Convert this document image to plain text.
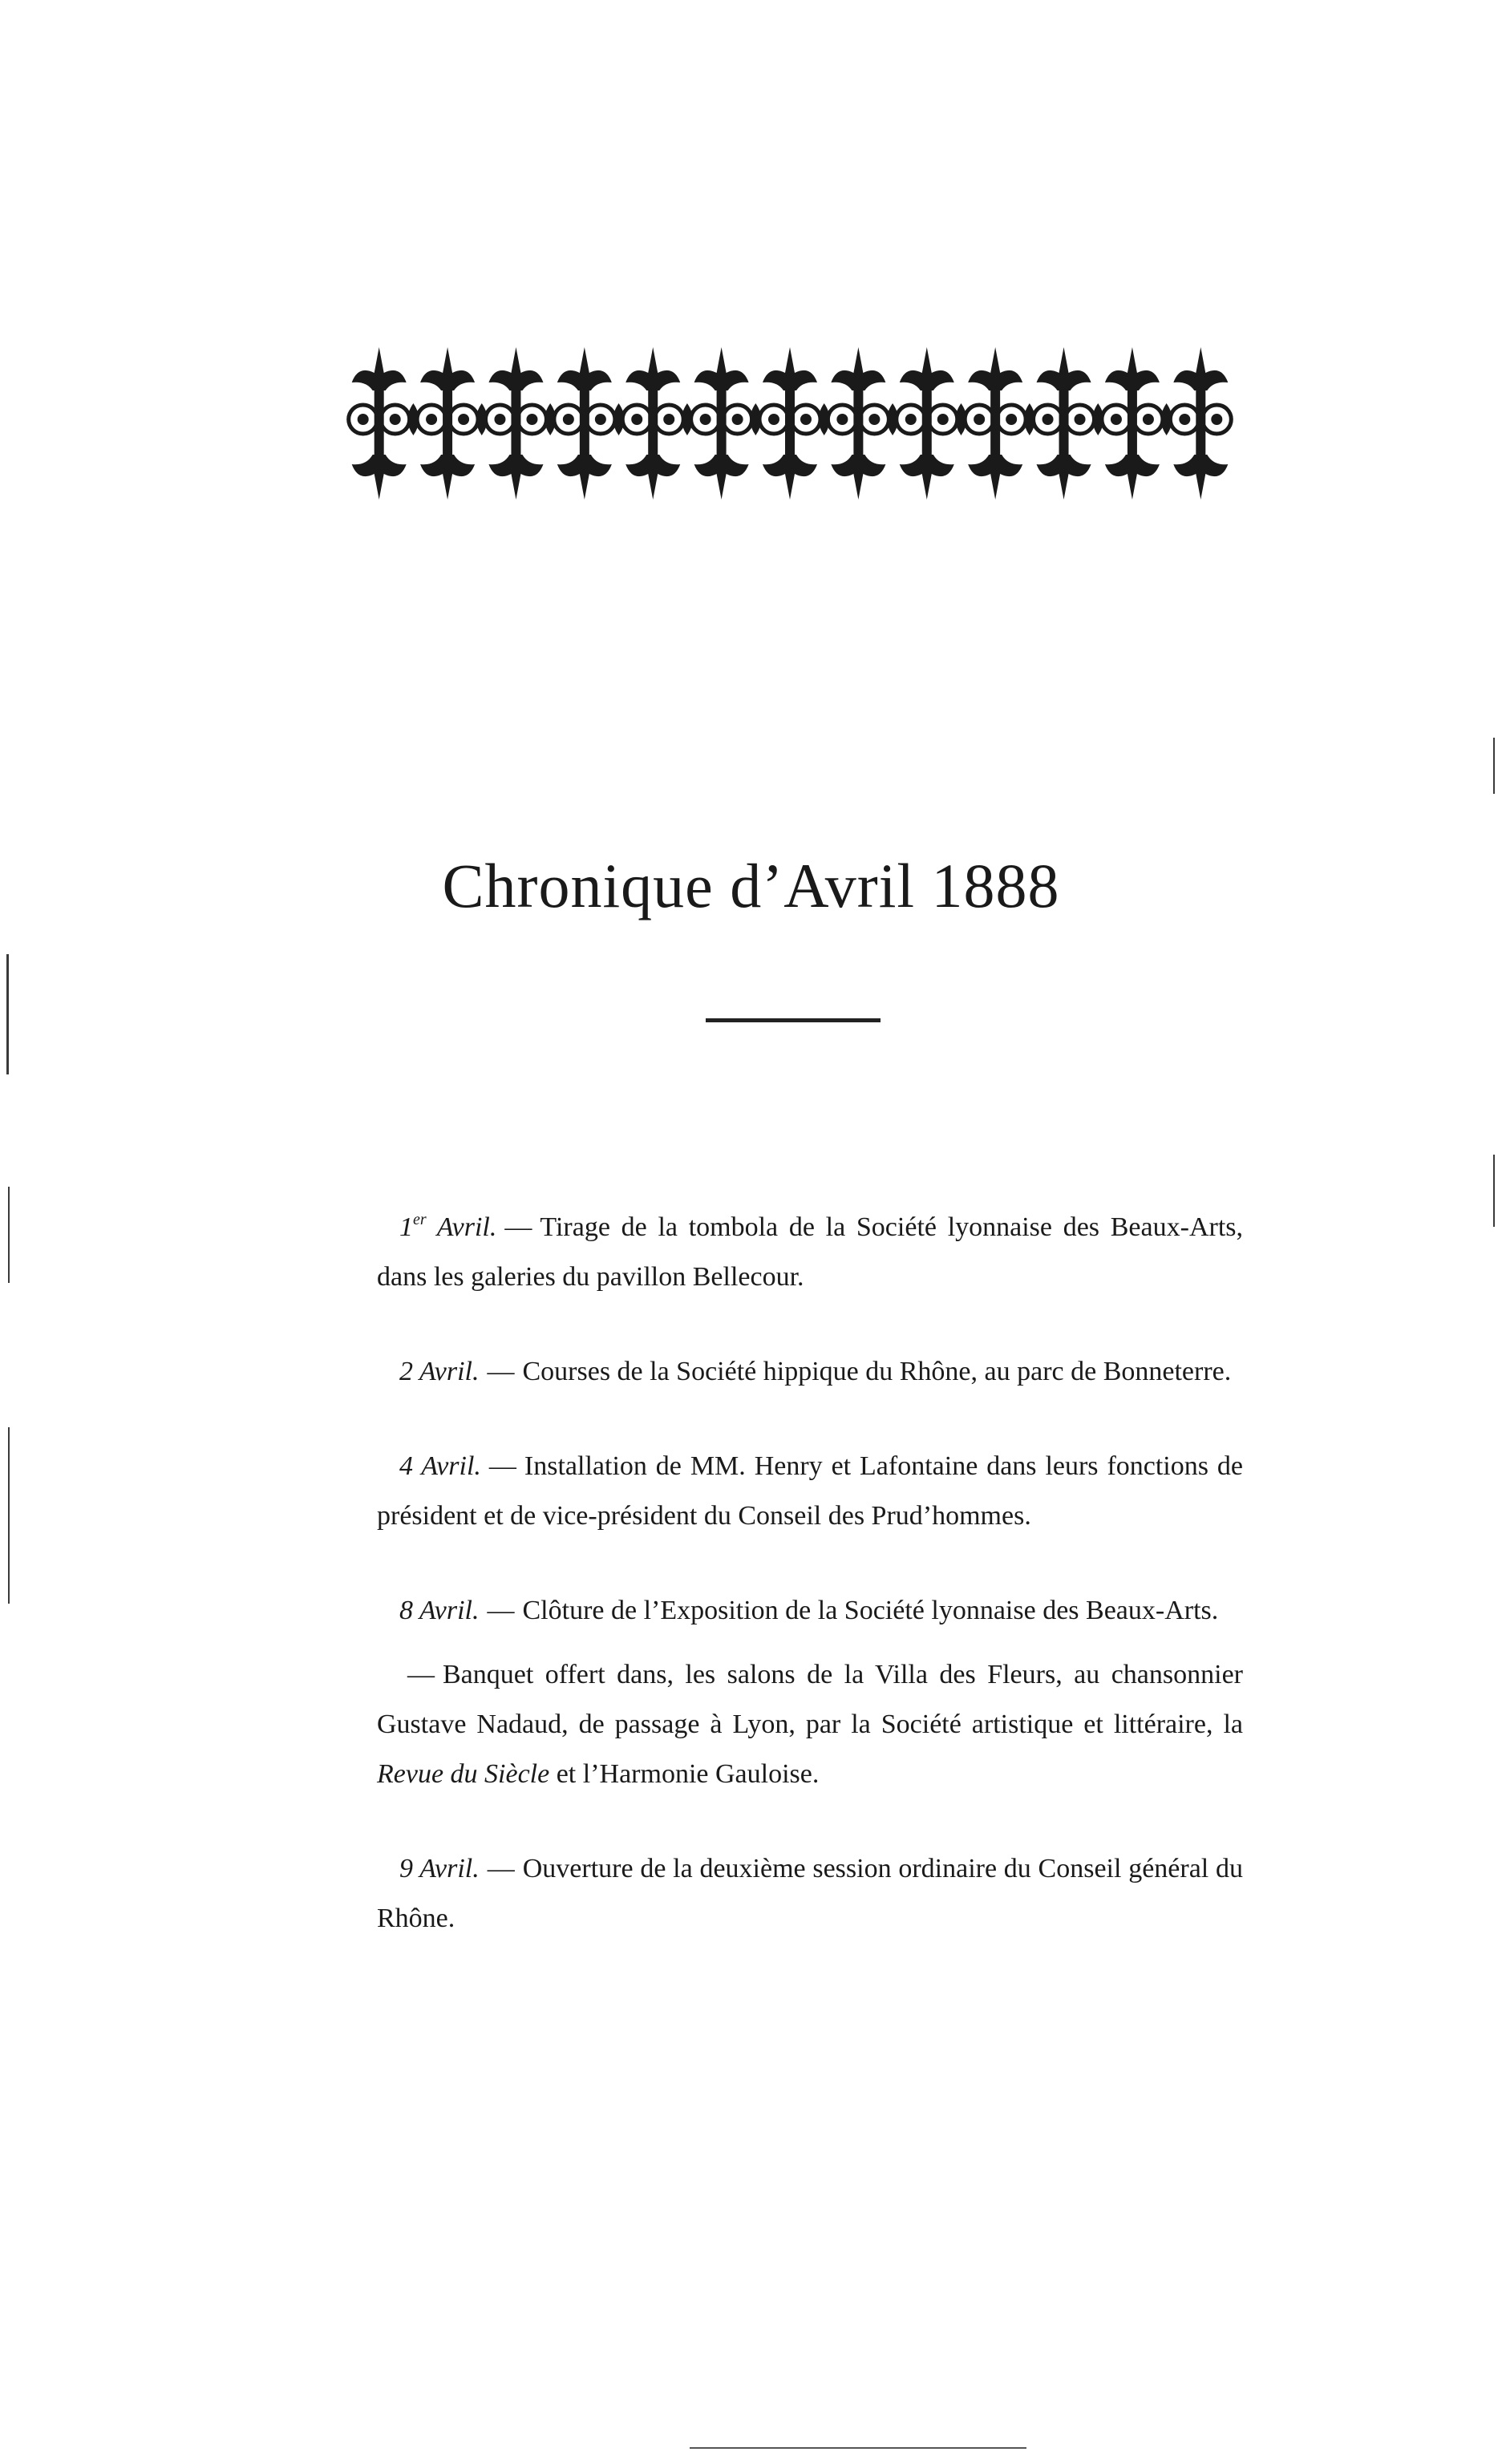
Chronique d’Avril 1888

1er Avril. — Tirage de la tombola de la Société lyonnaise des Beaux-Arts, dans les galeries du pavillon Bellecour.

2 Avril. — Courses de la Société hippique du Rhône, au parc de Bonneterre.

4 Avril. — Installation de MM. Henry et Lafontaine dans leurs fonctions de président et de vice-président du Conseil des Prud’hommes.

8 Avril. — Clôture de l’Exposition de la Société lyonnaise des Beaux-Arts.

— Banquet offert dans, les salons de la Villa des Fleurs, au chansonnier Gustave Nadaud, de passage à Lyon, par la Société artistique et littéraire, la Revue du Siècle et l’Harmonie Gauloise.

9 Avril. — Ouverture de la deuxième session ordinaire du Conseil général du Rhône.
